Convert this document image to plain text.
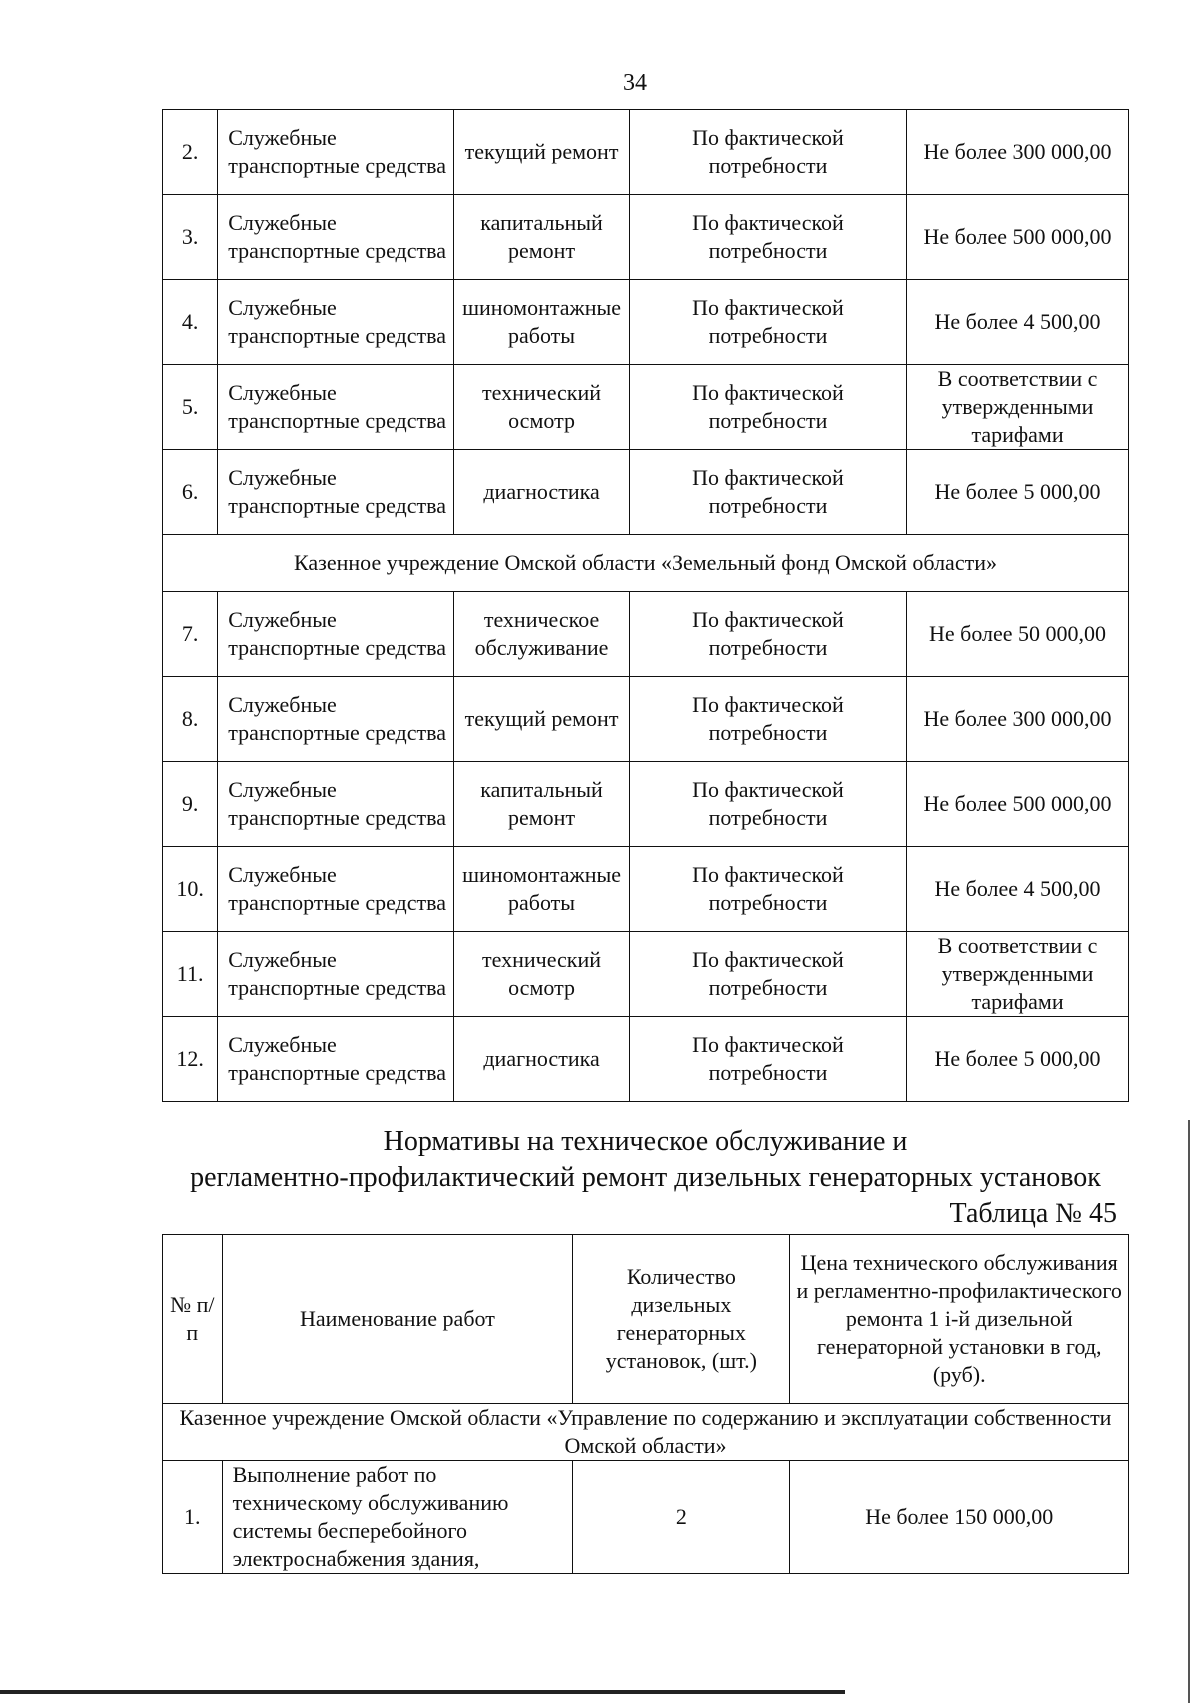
34
2.	Служебные транспортные средства	текущий ремонт	По фактической потребности	Не более 300 000,00
3.	Служебные транспортные средства	капитальный ремонт	По фактической потребности	Не более 500 000,00
4.	Служебные транспортные средства	шиномонтажные работы	По фактической потребности	Не более 4 500,00
5.	Служебные транспортные средства	технический осмотр	По фактической потребности	В соответствии с утвержденными тарифами
6.	Служебные транспортные средства	диагностика	По фактической потребности	Не более 5 000,00
Казенное учреждение Омской области «Земельный фонд Омской области»				
7.	Служебные транспортные средства	техническое обслуживание	По фактической потребности	Не более 50 000,00
8.	Служебные транспортные средства	текущий ремонт	По фактической потребности	Не более 300 000,00
9.	Служебные транспортные средства	капитальный ремонт	По фактической потребности	Не более 500 000,00
10.	Служебные транспортные средства	шиномонтажные работы	По фактической потребности	Не более 4 500,00
11.	Служебные транспортные средства	технический осмотр	По фактической потребности	В соответствии с утвержденными тарифами
12.	Служебные транспортные средства	диагностика	По фактической потребности	Не более 5 000,00
Нормативы на техническое обслуживание и
регламентно-профилактический ремонт дизельных генераторных установок
Таблица № 45
№ п/п	Наименование работ	Количество дизельных генераторных установок, (шт.)	Цена технического обслуживания и регламентно-профилактического ремонта 1 і-й дизельной генераторной установки в год, (руб).
Казенное учреждение Омской области «Управление по содержанию и эксплуатации собственности Омской области»			
1.	Выполнение работ по техническому обслуживанию системы бесперебойного электроснабжения здания,	2	Не более 150 000,00
